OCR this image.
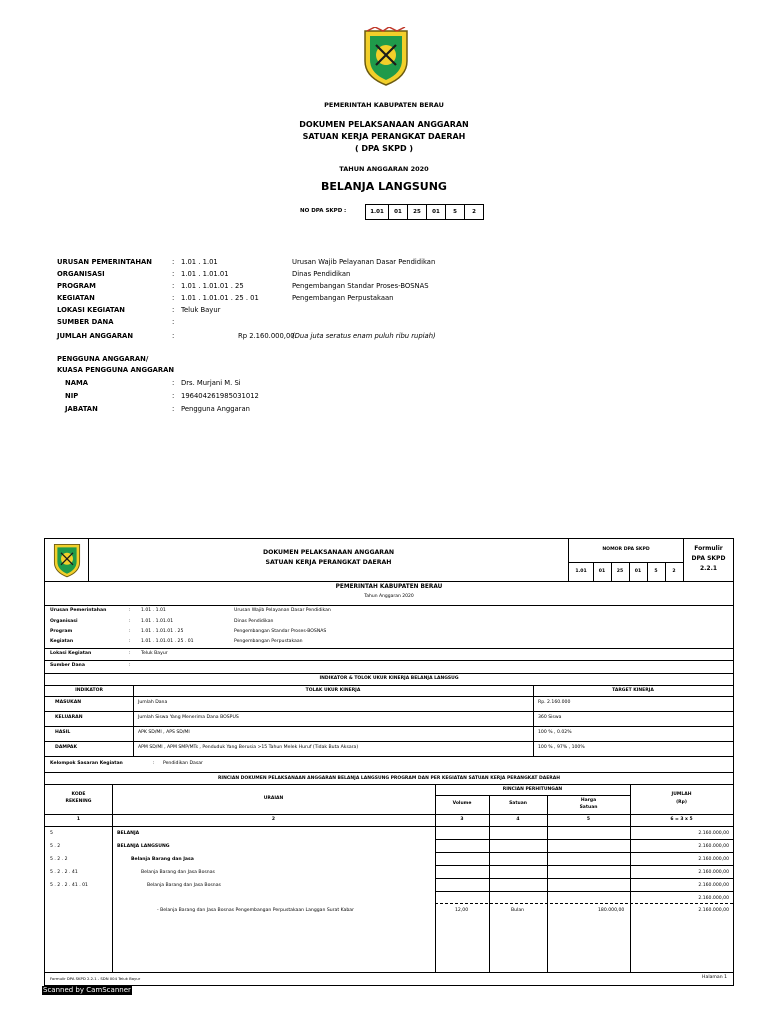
PEMERINTAH KABUPATEN BERAU
DOKUMEN PELAKSANAAN ANGGARAN
SATUAN KERJA PERANGKAT DAERAH
( DPA SKPD )
TAHUN ANGGARAN 2020
BELANJA LANGSUNG
NO DPA SKPD :	1.01 01 25 01 5	2
URUSAN PEMERINTAHAN	: 1.01 . 1.01	Urusan Wajib Pelayanan Dasar Pendidikan
ORGANISASI	: 1.01 . 1.01.01	Dinas Pendidikan
PROGRAM	: 1.01 . 1.01.01 . 25	Pengembangan Standar Proses-BOSNAS
KEGIATAN	: 1.01 . 1.01.01 . 25 . 01	Pengembangan Perpustakaan
LOKASI KEGIATAN	: Teluk Bayur
SUMBER DANA	:
JUMLAH ANGGARAN	:	Rp 2.160.000,00
(Dua juta seratus enam puluh ribu rupiah)
PENGGUNA ANGGARAN/
KUASA PENGGUNA ANGGARAN
NAMA	: Drs. Murjani M. Si
NIP	: 196404261985031012
JABATAN	: Pengguna Anggaran
DOKUMEN PELAKSANAAN ANGGARAN
SATUAN KERJA PERANGKAT DAERAH
NOMOR DPA SKPD
1.01	01	25	01	5	2
Formulir
DPA SKPD
2.2.1
PEMERINTAH KABUPATEN BERAU
Tahun Anggaran 2020
Urusan Pemerintahan	: 1.01 . 1.01	Urusan Wajib Pelayanan Dasar Pendidikan
Organisasi	: 1.01 . 1.01.01	Dinas Pendidikan
Program	: 1.01 . 1.01.01 . 25	Pengembangan Standar Proses-BOSNAS
Kegiatan	: 1.01 . 1.01.01 . 25 . 01	Pengembangan Perpustakaan
Lokasi Kegiatan	: Teluk Bayur
Sumber Dana	:
INDIKATOR & TOLOK UKUR KINERJA BELANJA LANGSUG
INDIKATOR	TOLAK UKUR KINERJA	TARGET KINERJA
MASUKAN	Jumlah Dana	Rp. 2.160.000
KELUARAN	Jumlah Siswa Yang Menerima Dana BOSPUS	360 Siswa
HASIL	APK SD/MI , APS SD/MI	100 % , 0.02%
DAMPAK	APM SD/MI , APM SMP/MTs , Penduduk Yang Berusia >15 Tahun Melek Huruf (Tidak Buta Aksara)	100 % , 97% , 100%
Kelompok Sasaran Kegiatan	: Pendidikan Dasar
RINCIAN DOKUMEN PELAKSANAAN ANGGARAN BELANJA LANGSUNG PROGRAM DAN PER KEGIATAN SATUAN KERJA PERANGKAT DAERAH
KODE
REKENING
URAIAN
RINCIAN PERHITUNGAN
Volume	Satuan
Harga
Satuan
JUMLAH
(Rp)
1	2	3	4	5	6 = 3 x 5
5	BELANJA	2.160.000,00
5 . 2	BELANJA LANGSUNG	2.160.000,00
5 . 2 . 2	Belanja Barang dan Jasa	2.160.000,00
5 . 2 . 2 . 41	Belanja Barang dan Jasa Bosnas	2.160.000,00
5 . 2 . 2 . 41 . 01	Belanja Barang dan Jasa Bosnas	2.160.000,00
2.160.000,00
- Belanja Barang dan Jasa Bosnas Pengembangan Perpustakaan Langgan Surat Kabar	12,00	Bulan	180.000,00	2.160.000,00
Formulir DPA SKPD 2.2.1 - SDN 004 Teluk Bayur	Halaman 1
Scanned by CamScanner
